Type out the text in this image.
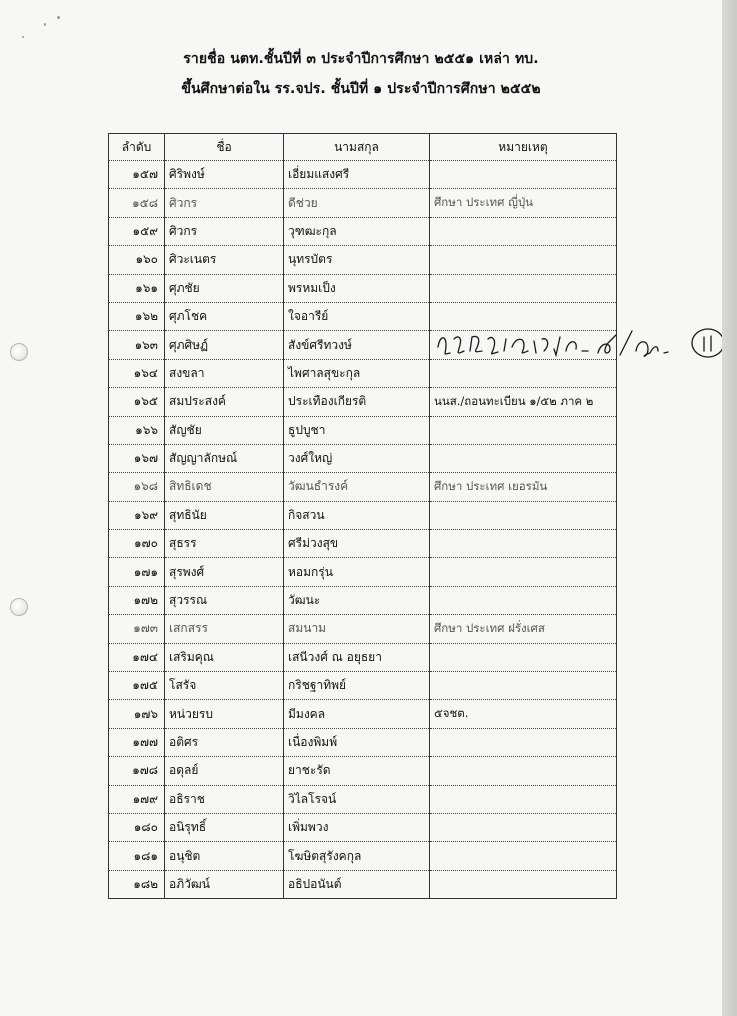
รายชื่อ นตท.ชั้นปีที่ ๓ ประจำปีการศึกษา ๒๕๕๑ เหล่า ทบ.
ขึ้นศึกษาต่อใน รร.จปร. ชั้นปีที่ ๑ ประจำปีการศึกษา ๒๕๕๒
ลำดับ	ชื่อ	นามสกุล	หมายเหตุ
๑๕๗	ศิริพงษ์	เอี่ยมแสงศรี	
๑๕๘	ศิวกร	ดีช่วย	ศึกษา ประเทศ ญี่ปุ่น
๑๕๙	ศิวกร	วุฑฒะกุล	
๑๖๐	ศิวะเนตร	นุทรบัตร	
๑๖๑	ศุภชัย	พรหมเป็ง	
๑๖๒	ศุภโชค	ใจอารีย์	
๑๖๓	ศุภศิษฏ์	สังข์ศรีทวงษ์	

๑๖๔	สงขลา	ไพศาลสุขะกุล	
๑๖๕	สมประสงค์	ประเทืองเกียรติ	นนส./ถอนทะเบียน ๑/๕๒ ภาค ๒
๑๖๖	สัญชัย	ธูปบูชา	
๑๖๗	สัญญาลักษณ์	วงศ์ใหญ่	
๑๖๘	สิทธิเดช	วัฒนธำรงค์	ศึกษา ประเทศ เยอรมัน
๑๖๙	สุทธินัย	กิจสวน	
๑๗๐	สุธรร	ศรีม่วงสุข	
๑๗๑	สุรพงศ์	หอมกรุ่น	
๑๗๒	สุวรรณ	วัฒนะ	
๑๗๓	เสกสรร	สมนาม	ศึกษา ประเทศ ฝรั่งเศส
๑๗๔	เสริมคุณ	เสนีวงศ์ ณ อยุธยา	
๑๗๕	โสรัจ	กริชฐาทิพย์	
๑๗๖	หน่วยรบ	มีมงคล	๕จชต.
๑๗๗	อติศร	เนื่องพิมพ์	
๑๗๘	อดุลย์	ยาชะรัด	
๑๗๙	อธิราช	วิไลโรจน์	
๑๘๐	อนิรุทธิ์	เพิ่มพวง	
๑๘๑	อนุชิต	โฆษิตสุรังคกุล	
๑๘๒	อภิวัฒน์	อธิปอนันต์	
